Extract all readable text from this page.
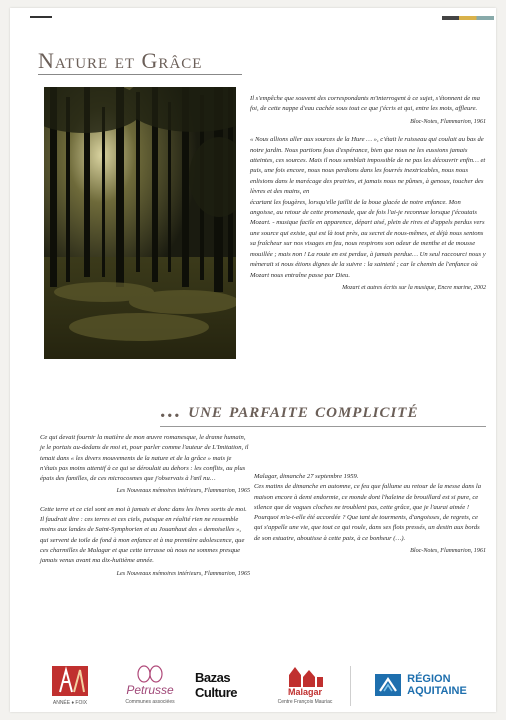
Nature et Grâce

Il s'empêche que souvent des correspondants m'interrogent à ce sujet, s'étonnent de ma foi, de cette nappe d'eau cachée sous tout ce que j'écris et qui, entre les mots, affleure.

Bloc-Notes, Flammarion, 1961

« Nous allions aller aux sources de la Hure … », c'était le ruisseau qui coulait au bas de notre jardin. Nous partions fous d'espérance, bien que nous ne les eussions jamais atteintes, ces sources. Mais il nous semblait impossible de ne pas les découvrir enfin… et puis, une fois encore, nous nous perdions dans les fourrés inextricables, nous nous enlisions dans le marécage des prairies, et jamais nous ne pûmes, à genoux, toucher des lèvres et des mains, en

écartant les fougères, lorsqu'elle jaillit de la boue glacée de notre enfance. Mon angoisse, au retour de cette promenade, que de fois l'ai-je reconnue lorsque j'écoutais Mozart. - musique facile en apparence, départ aisé, plein de rires et d'appels perdus vers une source qui existe, qui est là tout près, au secret de nous-mêmes, et déjà nous sentons sa fraîcheur sur nos visages en feu, nous respirons son odeur de menthe et de mousse mouillée ; mais non ! La route en est perdue, à jamais perdue… Un seul raccourci nous y mènerait si nous étions dignes de la suivre : la sainteté ; car le chemin de l'enfance où Mozart nous entraîne passe par Dieu.

Mozart et autres écrits sur la musique, Encre marine, 2002

… une parfaite complicité

Ce qui devait fournir la matière de mon œuvre romanesque, le drame humain, je le portais au-dedans de moi et, pour parler comme l'auteur de L'Imitation, il tenait dans « les divers mouvements de la nature et de la grâce » mais je n'étais pas moins attentif à ce qui se déroulait au dehors : les conflits, au plus épais des familles, de ces microcosmes que j'observais à l'œil nu…

Les Nouveaux mémoires intérieurs, Flammarion, 1965

Cette terre et ce ciel sont en moi à jamais et donc dans les livres sortis de moi.

Il faudrait dire : ces terres et ces ciels, puisque en réalité rien ne ressemble moins aux landes de Saint-Symphorien et au Jouanhaut des « demoiselles », qui servent de toile de fond à mon enfance et à ma première adolescence, que ces charmilles de Malagar et que cette terrasse où nous ne sommes presque jamais venus avant ma dix-huitième année.

Les Nouveaux mémoires intérieurs, Flammarion, 1965

Malagar, dimanche 27 septembre 1959.

Ces matins de dimanche en automne, ce feu que fallume au retour de la messe dans la maison encore à demi endormie, ce monde dont l'haleine de brouillard est si pure, ce silence que de vagues cloches ne troublent pas, cette grâce, que je l'aurai aimée !

Pourquoi m'a-t-elle été accordée ? Que tant de tourments, d'angoisses, de regrets, ce qui s'appelle une vie, que tout ce qui roule, dans ses flots pressés, un destin aux bords de son estuaire, aboutisse à cette paix, à ce bonheur (…).

Bloc-Notes, Flammarion, 1961

ANNÉE ♦ FOIX
Petrusse
Communes associées
Bazas Culture	Malagar
Centre François Mauriac
RÉGION
AQUITAINE
